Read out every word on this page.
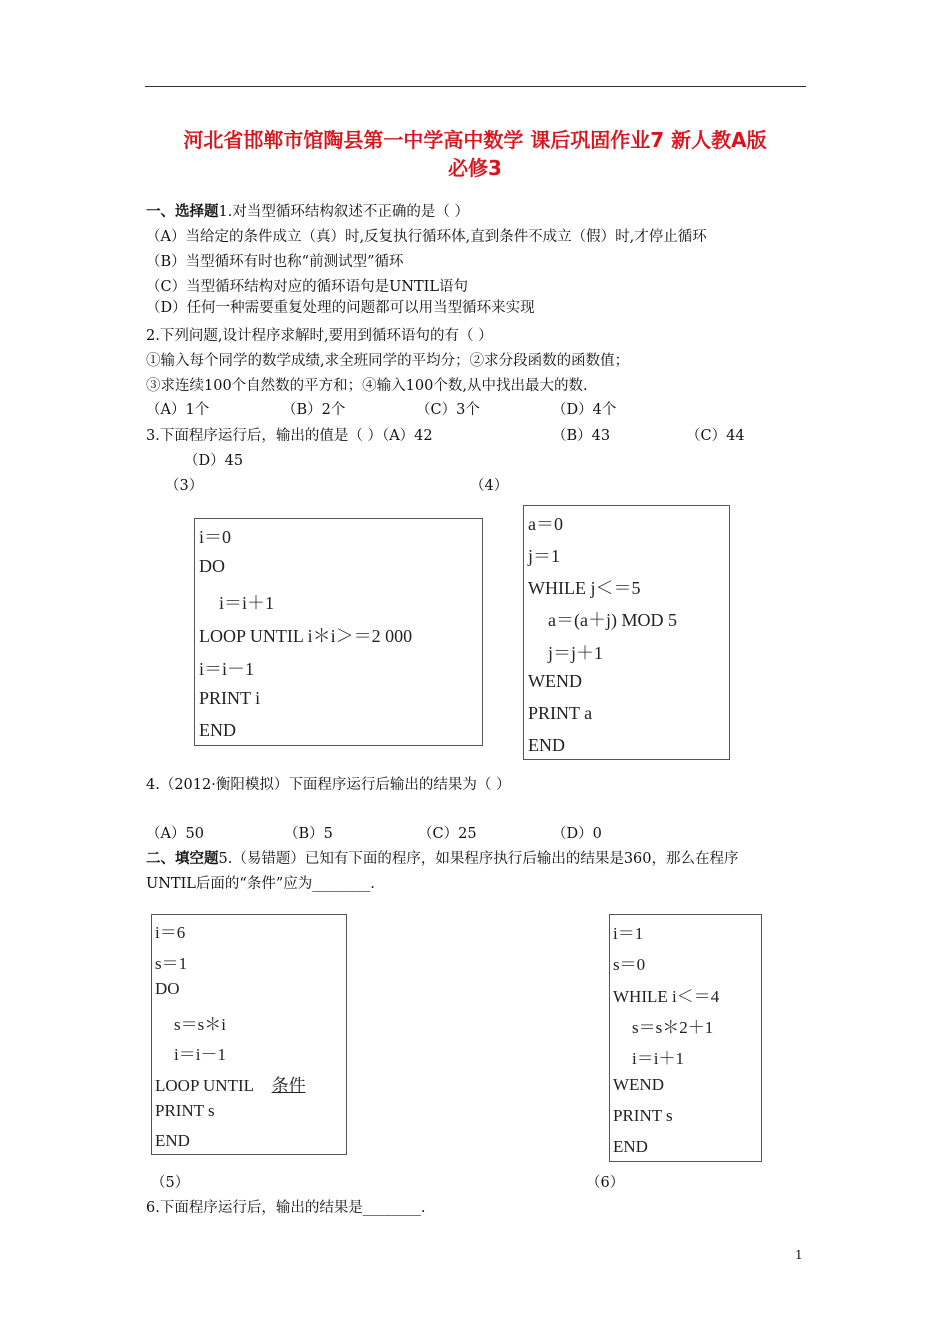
河北省邯郸市馆陶县第一中学高中数学 课后巩固作业7 新人教A版
必修3
一、选择题1.对当型循环结构叙述不正确的是（ ）
（A）当给定的条件成立（真）时,反复执行循环体,直到条件不成立（假）时,才停止循环
（B）当型循环有时也称“前测试型”循环
（C）当型循环结构对应的循环语句是UNTIL语句
（D）任何一种需要重复处理的问题都可以用当型循环来实现
2.下列问题,设计程序求解时,要用到循环语句的有（ ）
①输入每个同学的数学成绩,求全班同学的平均分；②求分段函数的函数值；
③求连续100个自然数的平方和；④输入100个数,从中找出最大的数.
（A）1个	（B）2个	（C）3个	（D）4个
3.下面程序运行后，输出的值是（ ）（A）42	（B）43	（C）44
（D）45
（3）	（4）
i＝0
DO
i＝i＋1
LOOP UNTIL i＊i＞＝2 000
i＝i－1
PRINT i
END
a＝0
j＝1
WHILE j＜＝5
a＝(a＋j) MOD 5
j＝j＋1
WEND
PRINT a
END
4.（2012·衡阳模拟）下面程序运行后输出的结果为（ ）
（A）50	（B）5	（C）25	（D）0
二、填空题5.（易错题）已知有下面的程序，如果程序执行后输出的结果是360，那么在程序
UNTIL后面的“条件”应为________.
i＝6
s＝1
DO
s＝s＊i
i＝i－1
LOOP UNTIL 条件
PRINT s
END
i＝1
s＝0
WHILE i＜＝4
s＝s＊2＋1
i＝i＋1
WEND
PRINT s
END
（5）	（6）
6.下面程序运行后，输出的结果是________.
1
